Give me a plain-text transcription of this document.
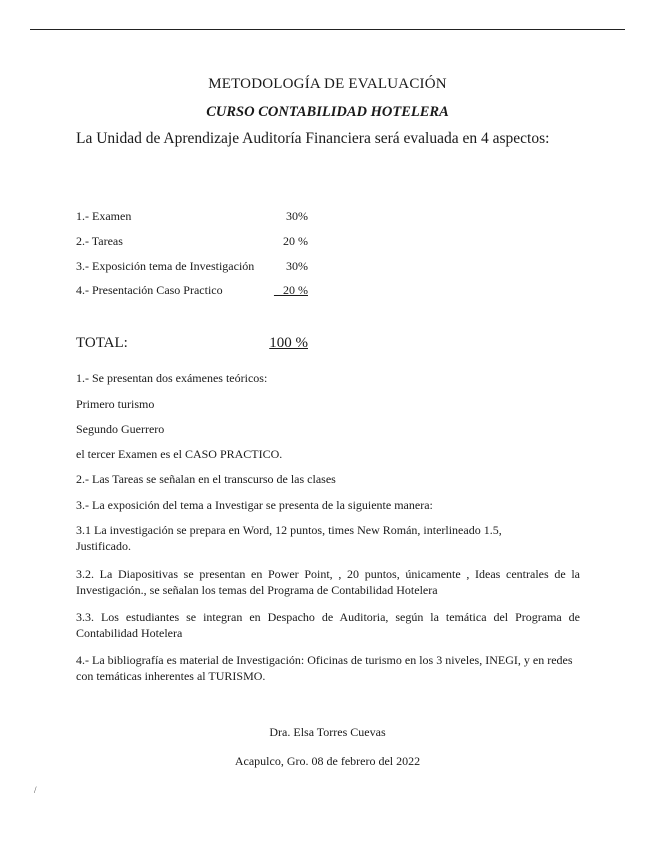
METODOLOGÍA DE EVALUACIÓN
CURSO CONTABILIDAD HOTELERA
La Unidad de Aprendizaje Auditoría Financiera será evaluada en 4 aspectos:
1.- Examen	30%
2.- Tareas	20 %
3.- Exposición tema de Investigación	30%
4.- Presentación Caso Practico	_ 20 %
TOTAL:	100 %
1.- Se presentan dos exámenes teóricos:
Primero turismo
Segundo Guerrero
el tercer Examen es el CASO PRACTICO.
2.- Las Tareas se señalan en el transcurso de las clases
3.- La exposición del tema a Investigar se presenta de la siguiente manera:
3.1 La investigación se prepara en Word, 12 puntos, times New Román, interlineado 1.5, Justificado.
3.2. La Diapositivas se presentan en Power Point, , 20 puntos, únicamente , Ideas centrales de la Investigación., se señalan los temas del Programa de Contabilidad Hotelera
3.3. Los estudiantes se integran en Despacho de Auditoria, según la temática del Programa de Contabilidad Hotelera
4.- La bibliografía es material de Investigación: Oficinas de turismo en los 3 niveles, INEGI, y en redes con temáticas inherentes al TURISMO.
Dra. Elsa Torres Cuevas
Acapulco, Gro. 08 de febrero del 2022
/
